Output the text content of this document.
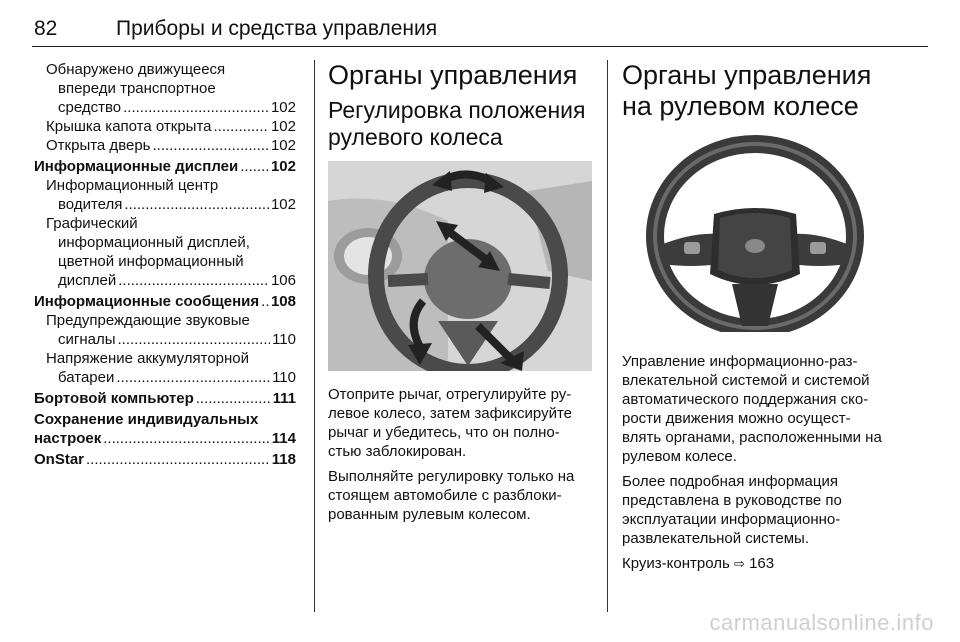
82	Приборы и средства управления
Обнаружено движущееся
впереди транспортное
средство .....	102
Крышка капота открыта .....	102
Открыта дверь .....	102
Информационные дисплеи ..... 102
Информационный центр
водителя .....	102
Графический
информационный дисплей,
цветной информационный
дисплей .....	106
Информационные сообщения ..... 108
Предупреждающие звуковые
сигналы .....	110
Напряжение аккумуляторной
батареи .....	110
Бортовой компьютер .....	111
Сохранение индивидуальных
настроек .....	114
OnStar .....	118
Органы управления
Регулировка положения рулевого колеса

Отоприте рычаг, отрегулируйте ру-левое колесо, затем зафиксируйте рычаг и убедитесь, что он полно-стью заблокирован.

Выполняйте регулировку только на стоящем автомобиле с разблоки-рованным рулевым колесом.

Органы управления на рулевом колесе

Управление информационно-раз-влекательной системой и системой автоматического поддержания ско-рости движения можно осущест-влять органами, расположенными на рулевом колесе.

Более подробная информация представлена в руководстве по эксплуатации информационно-развлекательной системы.

Круиз-контроль ⇨ 163

carmanualsonline.info
